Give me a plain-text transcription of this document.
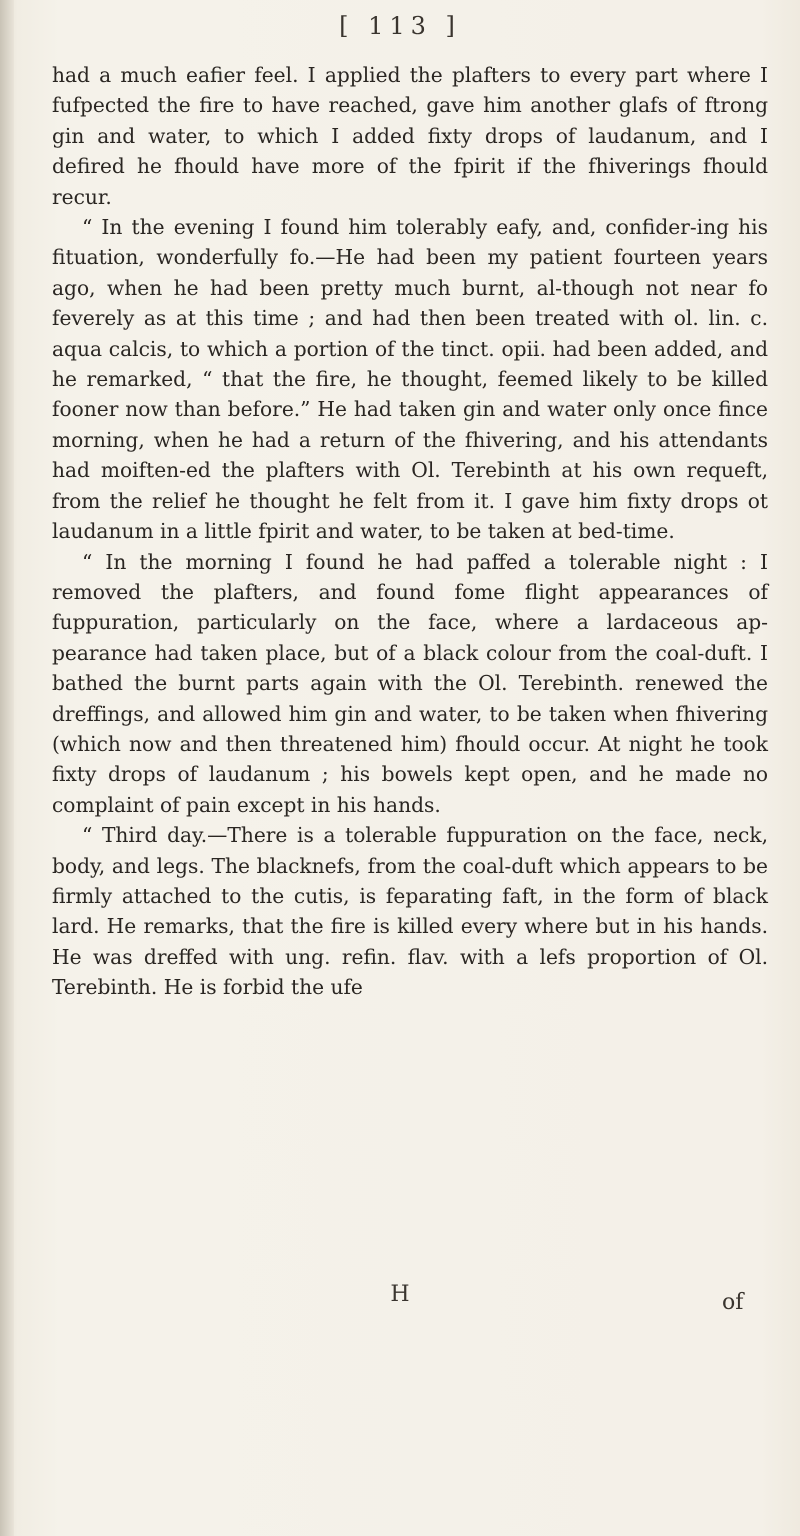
[ 113 ]

had a much eafier feel. I applied the plafters to every part where I fufpected the fire to have reached, gave him another glafs of ftrong gin and water, to which I added fixty drops of laudanum, and I defired he fhould have more of the fpirit if the fhiverings fhould recur.

“ In the evening I found him tolerably eafy, and, confider-ing his fituation, wonderfully fo.—He had been my patient fourteen years ago, when he had been pretty much burnt, al-though not near fo feverely as at this time ; and had then been treated with ol. lin. c. aqua calcis, to which a portion of the tinct. opii. had been added, and he remarked, “ that the fire, he thought, feemed likely to be killed fooner now than before.” He had taken gin and water only once fince morning, when he had a return of the fhivering, and his attendants had moiften-ed the plafters with Ol. Terebinth at his own requeft, from the relief he thought he felt from it. I gave him fixty drops ot laudanum in a little fpirit and water, to be taken at bed-time.

“ In the morning I found he had paffed a tolerable night : I removed the plafters, and found fome flight appearances of fuppuration, particularly on the face, where a lardaceous ap-pearance had taken place, but of a black colour from the coal-duft. I bathed the burnt parts again with the Ol. Terebinth. renewed the dreffings, and allowed him gin and water, to be taken when fhivering (which now and then threatened him) fhould occur. At night he took fixty drops of laudanum ; his bowels kept open, and he made no complaint of pain except in his hands.

“ Third day.—There is a tolerable fuppuration on the face, neck, body, and legs. The blacknefs, from the coal-duft which appears to be firmly attached to the cutis, is feparating faft, in the form of black lard. He remarks, that the fire is killed every where but in his hands. He was dreffed with ung. refin. flav. with a lefs proportion of Ol. Terebinth. He is forbid the ufe

H	of
